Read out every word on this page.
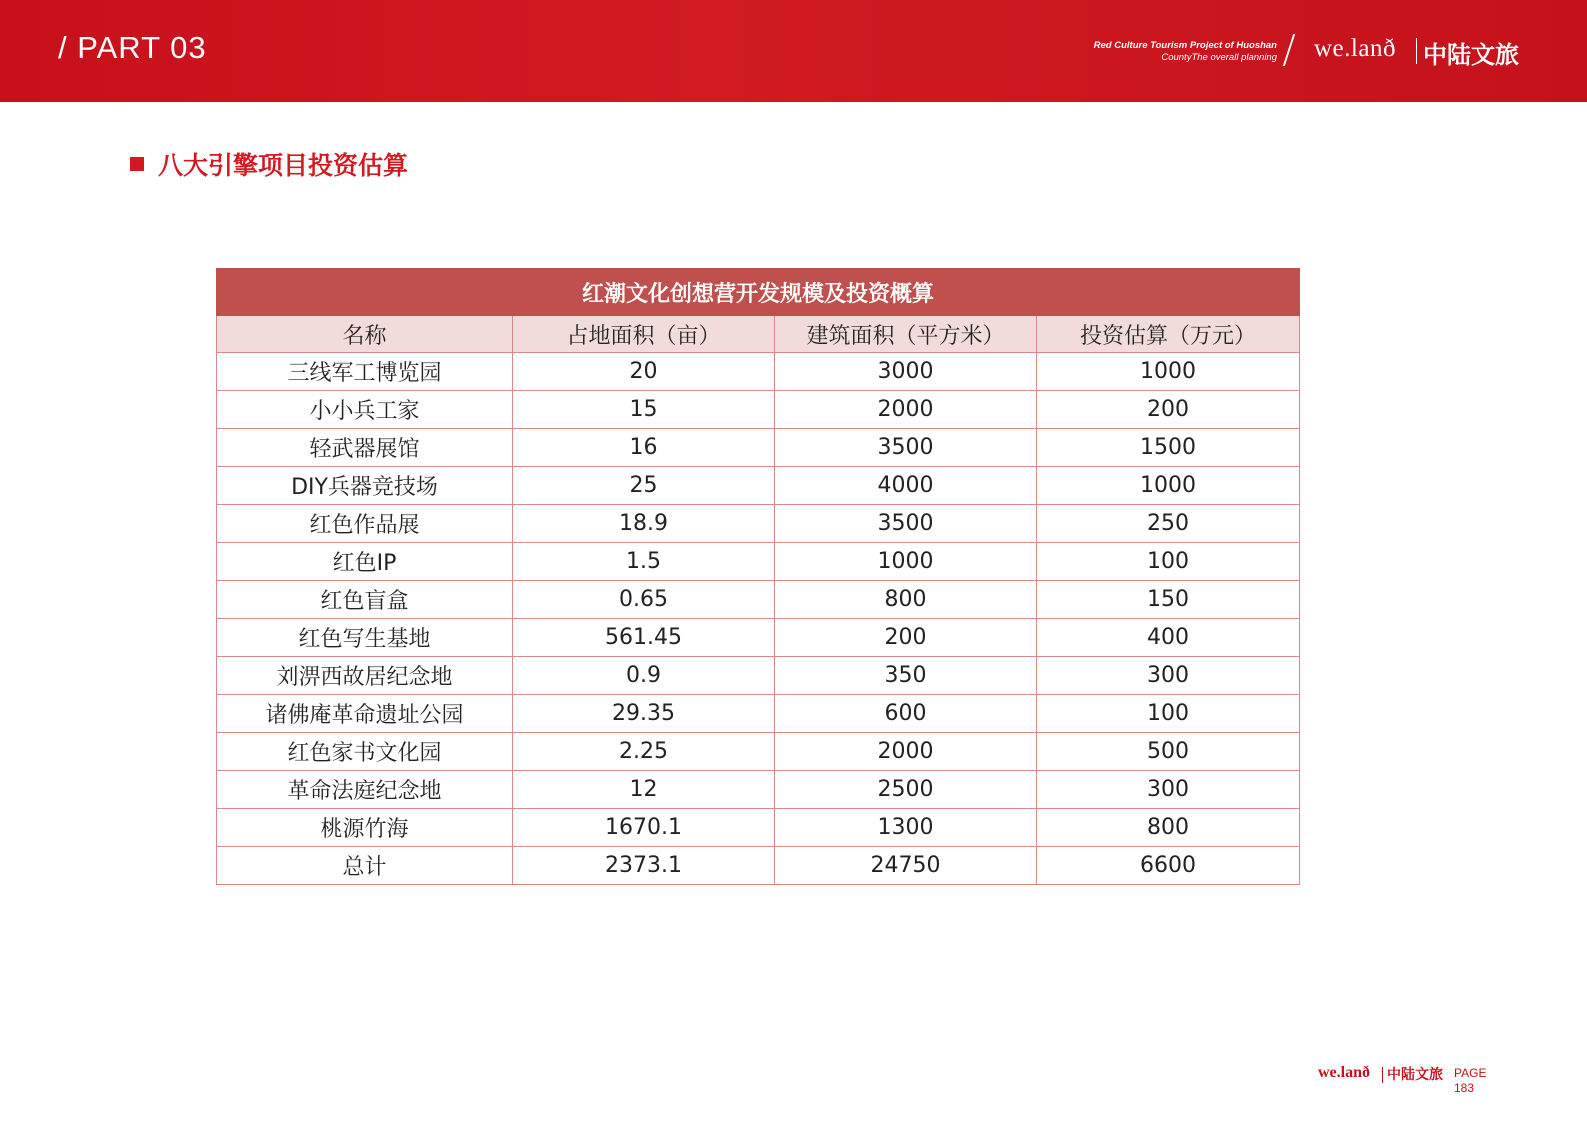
/ PART 03	Red Culture Tourism Project of Huoshan
CountyThe overall planning we.lanð 中陆文旅
八大引擎项目投资估算
红潮文化创想营开发规模及投资概算			
名称	占地面积（亩）	建筑面积（平方米）	投资估算（万元）
三线军工博览园	20	3000	1000
小小兵工家	15	2000	200
轻武器展馆	16	3500	1500
DIY兵器竞技场	25	4000	1000
红色作品展	18.9	3500	250
红色IP	1.5	1000	100
红色盲盒	0.65	800	150
红色写生基地	561.45	200	400
刘淠西故居纪念地	0.9	350	300
诸佛庵革命遗址公园	29.35	600	100
红色家书文化园	2.25	2000	500
革命法庭纪念地	12	2500	300
桃源竹海	1670.1	1300	800
总计	2373.1	24750	6600
we.lanð 中陆文旅 PAGE
183
